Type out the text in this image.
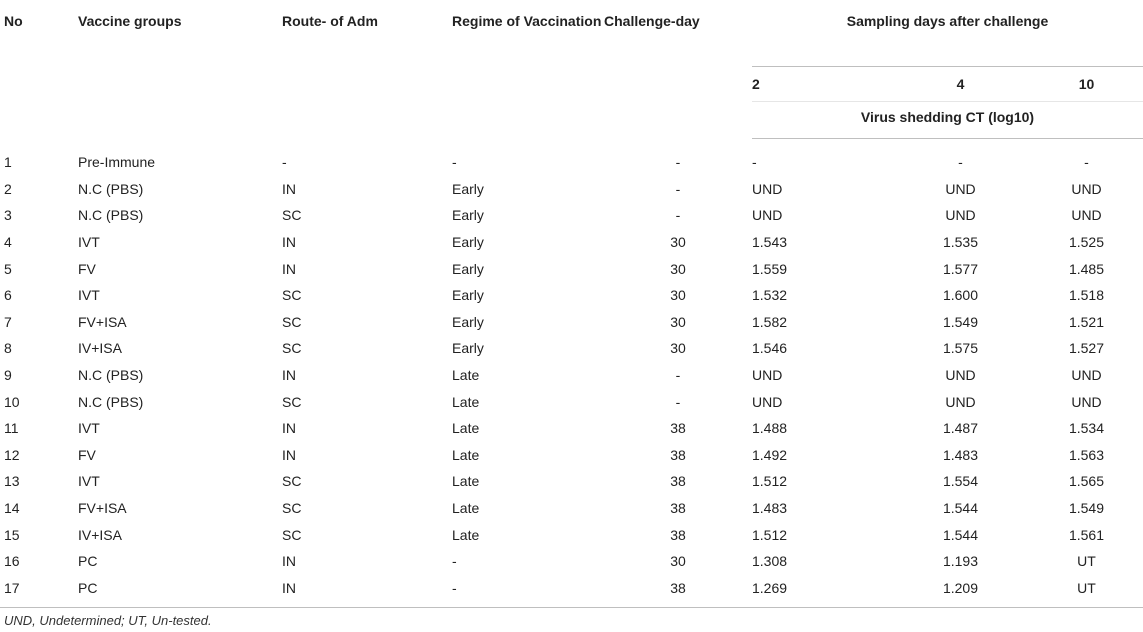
No	Vaccine groups	Route- of Adm	Regime of Vaccination	Challenge-day	Sampling days after challenge		
					2	4	10
					Virus shedding CT (log10)		
1	Pre-Immune	-	-	-	-	-	-
2	N.C (PBS)	IN	Early	-	UND	UND	UND
3	N.C (PBS)	SC	Early	-	UND	UND	UND
4	IVT	IN	Early	30	1.543	1.535	1.525
5	FV	IN	Early	30	1.559	1.577	1.485
6	IVT	SC	Early	30	1.532	1.600	1.518
7	FV+ISA	SC	Early	30	1.582	1.549	1.521
8	IV+ISA	SC	Early	30	1.546	1.575	1.527
9	N.C (PBS)	IN	Late	-	UND	UND	UND
10	N.C (PBS)	SC	Late	-	UND	UND	UND
11	IVT	IN	Late	38	1.488	1.487	1.534
12	FV	IN	Late	38	1.492	1.483	1.563
13	IVT	SC	Late	38	1.512	1.554	1.565
14	FV+ISA	SC	Late	38	1.483	1.544	1.549
15	IV+ISA	SC	Late	38	1.512	1.544	1.561
16	PC	IN	-	30	1.308	1.193	UT
17	PC	IN	-	38	1.269	1.209	UT
UND, Undetermined; UT, Un-tested.
